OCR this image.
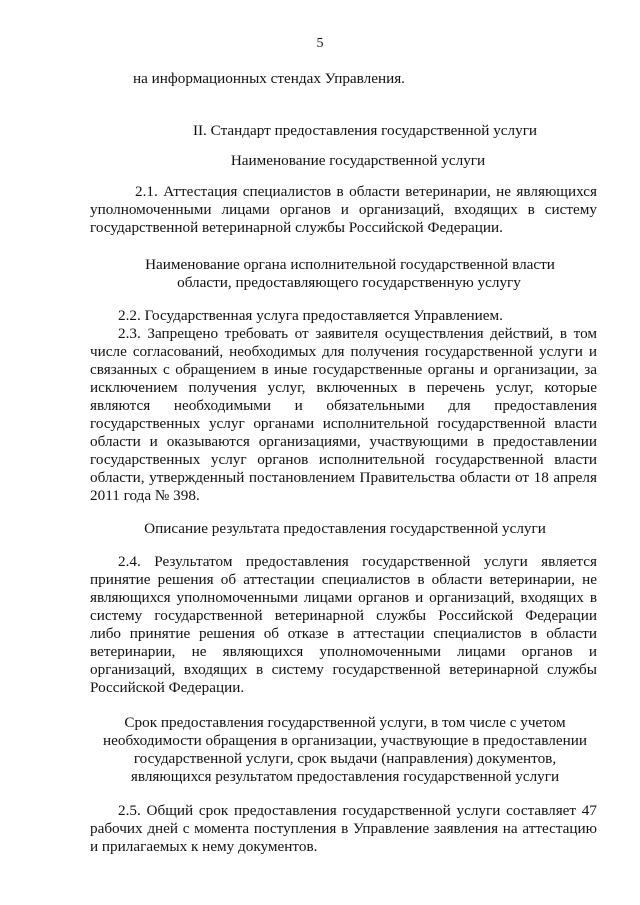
5
на информационных стендах Управления.
II. Стандарт предоставления государственной услуги
Наименование государственной услуги
2.1. Аттестация специалистов в области ветеринарии, не являющихся
уполномоченными лицами органов и организаций, входящих в систему
государственной ветеринарной службы Российской Федерации.
Наименование органа исполнительной государственной власти
области, предоставляющего государственную услугу
2.2. Государственная услуга предоставляется Управлением.
2.3. Запрещено требовать от заявителя осуществления действий, в том
числе согласований, необходимых для получения государственной услуги и
связанных с обращением в иные государственные органы и организации, за
исключением получения услуг, включенных в перечень услуг, которые
являются необходимыми и обязательными для предоставления
государственных услуг органами исполнительной государственной власти
области и оказываются организациями, участвующими в предоставлении
государственных услуг органов исполнительной государственной власти
области, утвержденный постановлением Правительства области от 18 апреля
2011 года № 398.
Описание результата предоставления государственной услуги
2.4. Результатом предоставления государственной услуги является
принятие решения об аттестации специалистов в области ветеринарии, не
являющихся уполномоченными лицами органов и организаций, входящих в
систему государственной ветеринарной службы Российской Федерации
либо принятие решения об отказе в аттестации специалистов в области
ветеринарии, не являющихся уполномоченными лицами органов и
организаций, входящих в систему государственной ветеринарной службы
Российской Федерации.
Срок предоставления государственной услуги, в том числе с учетом
необходимости обращения в организации, участвующие в предоставлении
государственной услуги, срок выдачи (направления) документов,
являющихся результатом предоставления государственной услуги
2.5. Общий срок предоставления государственной услуги составляет 47
рабочих дней с момента поступления в Управление заявления на аттестацию
и прилагаемых к нему документов.
